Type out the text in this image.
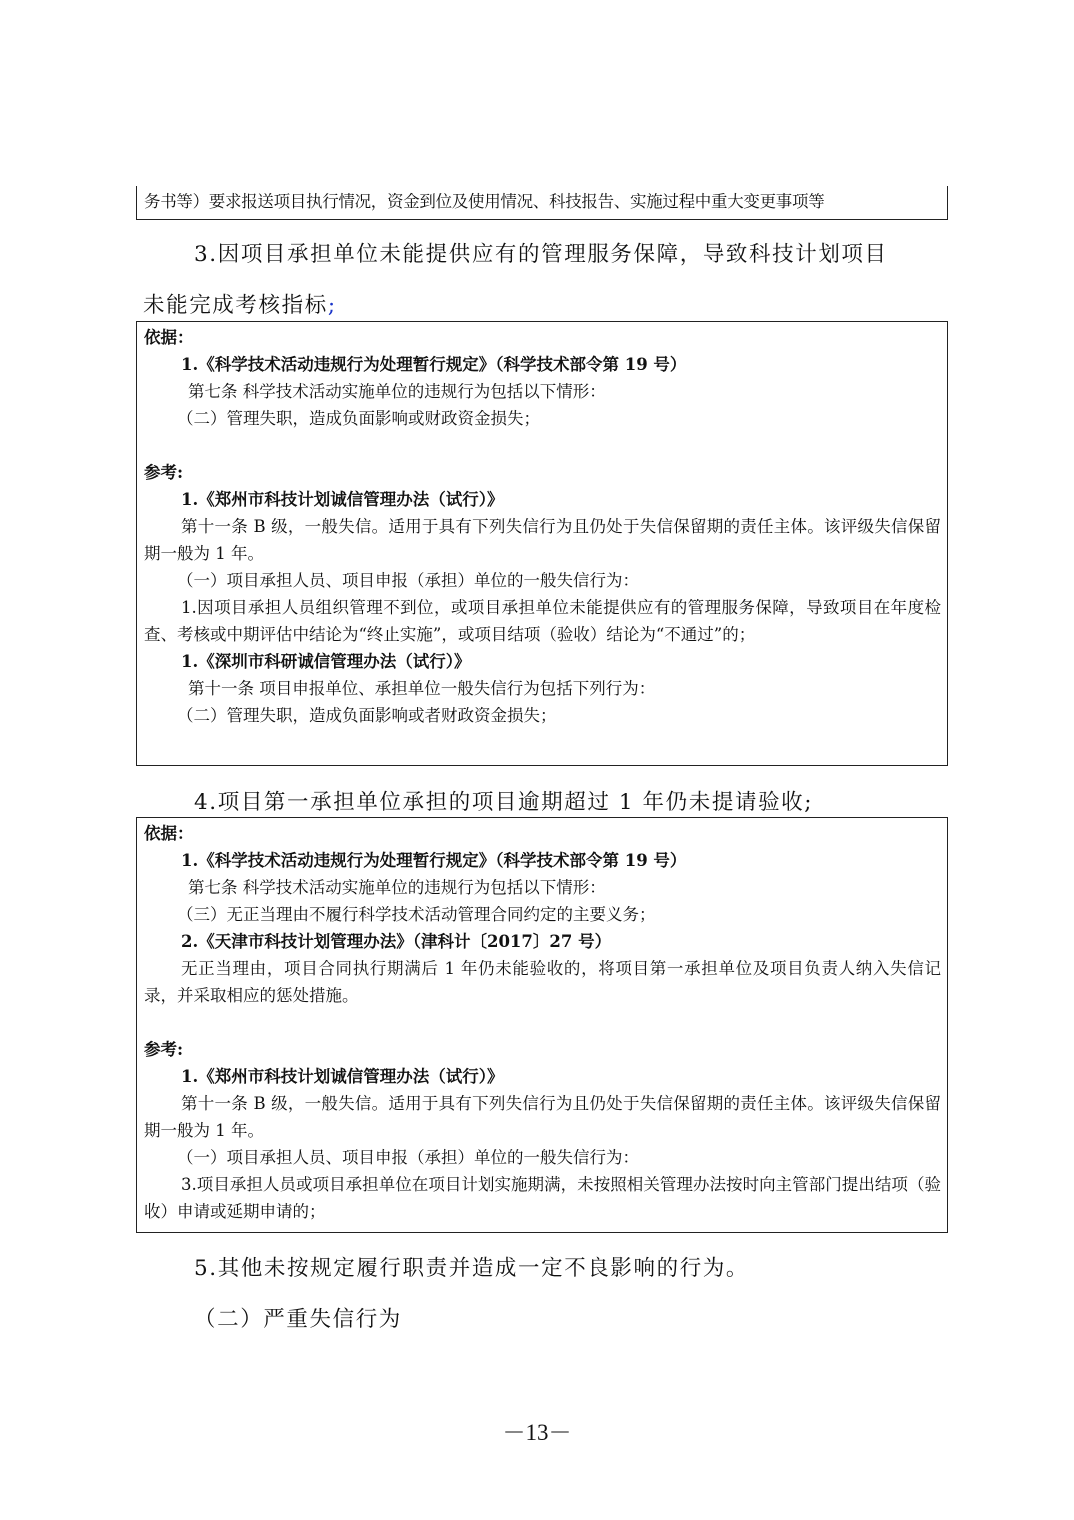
务书等）要求报送项目执行情况，资金到位及使用情况、科技报告、实施过程中重大变更事项等
3.因项目承担单位未能提供应有的管理服务保障，导致科技计划项目
未能完成考核指标;
依据：
1.《科学技术活动违规行为处理暂行规定》（科学技术部令第 19 号）
第七条 科学技术活动实施单位的违规行为包括以下情形：
（二）管理失职，造成负面影响或财政资金损失；
参考:
1.《郑州市科技计划诚信管理办法（试行）》
第十一条 B 级，一般失信。适用于具有下列失信行为且仍处于失信保留期的责任主体。该评级失信保留期一般为 1 年。
（一）项目承担人员、项目申报（承担）单位的一般失信行为：
1.因项目承担人员组织管理不到位，或项目承担单位未能提供应有的管理服务保障，导致项目在年度检查、考核或中期评估中结论为“终止实施”，或项目结项（验收）结论为“不通过”的；
1.《深圳市科研诚信管理办法（试行）》
第十一条 项目申报单位、承担单位一般失信行为包括下列行为：
（二）管理失职，造成负面影响或者财政资金损失；
4.项目第一承担单位承担的项目逾期超过 1 年仍未提请验收;
依据：
1.《科学技术活动违规行为处理暂行规定》（科学技术部令第 19 号）
第七条 科学技术活动实施单位的违规行为包括以下情形：
（三）无正当理由不履行科学技术活动管理合同约定的主要义务；
2.《天津市科技计划管理办法》（津科计〔2017〕27 号）
无正当理由，项目合同执行期满后 1 年仍未能验收的，将项目第一承担单位及项目负责人纳入失信记录，并采取相应的惩处措施。
参考:
1.《郑州市科技计划诚信管理办法（试行）》
第十一条 B 级，一般失信。适用于具有下列失信行为且仍处于失信保留期的责任主体。该评级失信保留期一般为 1 年。
（一）项目承担人员、项目申报（承担）单位的一般失信行为：
3.项目承担人员或项目承担单位在项目计划实施期满，未按照相关管理办法按时向主管部门提出结项（验收）申请或延期申请的；
5.其他未按规定履行职责并造成一定不良影响的行为。
（二）严重失信行为
－13－
